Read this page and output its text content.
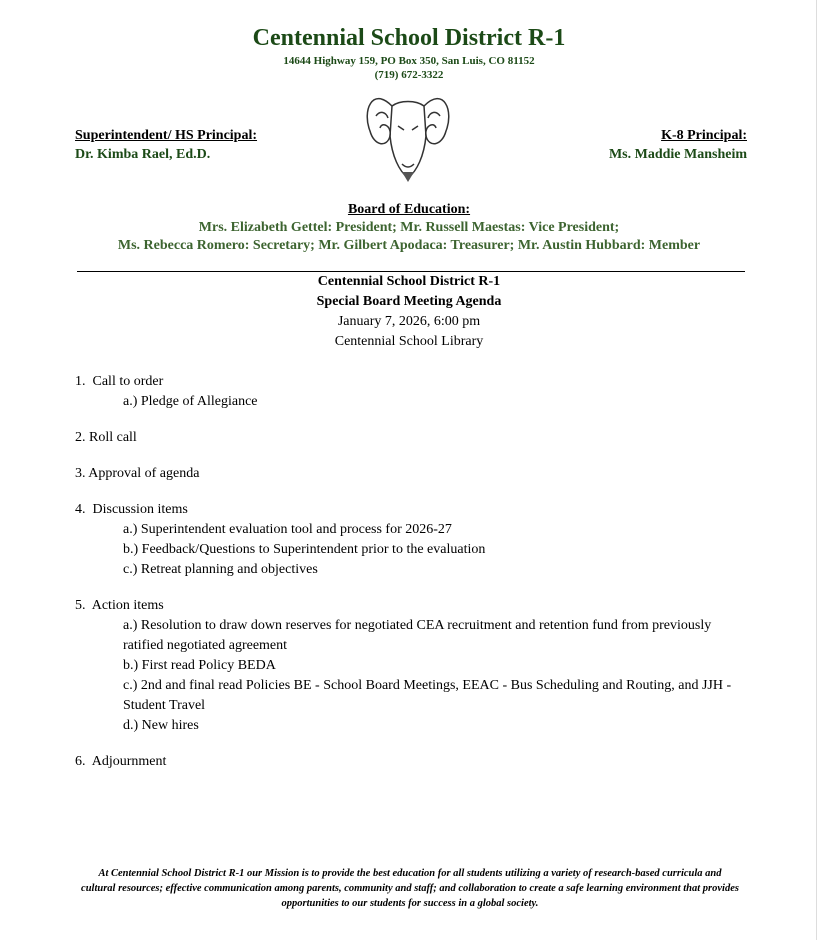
Centennial School District R-1
14644 Highway 159, PO Box 350, San Luis, CO 81152
(719) 672-3322
Superintendent/ HS Principal:
Dr. Kimba Rael, Ed.D.
K-8 Principal:
Ms. Maddie Mansheim
Board of Education:
Mrs. Elizabeth Gettel: President; Mr. Russell Maestas: Vice President;
Ms. Rebecca Romero: Secretary; Mr. Gilbert Apodaca: Treasurer; Mr. Austin Hubbard: Member
Centennial School District R-1
Special Board Meeting Agenda
January 7, 2026, 6:00 pm
Centennial School Library
1.  Call to order
a.) Pledge of Allegiance
2. Roll call
3. Approval of agenda
4.  Discussion items
a.) Superintendent evaluation tool and process for 2026-27
b.) Feedback/Questions to Superintendent prior to the evaluation
c.) Retreat planning and objectives
5.  Action items
a.) Resolution to draw down reserves for negotiated CEA recruitment and retention fund from previously ratified negotiated agreement
b.) First read Policy BEDA
c.) 2nd and final read Policies BE - School Board Meetings, EEAC - Bus Scheduling and Routing, and JJH - Student Travel
d.) New hires
6.  Adjournment
At Centennial School District R-1 our Mission is to provide the best education for all students utilizing a variety of research-based curricula and cultural resources; effective communication among parents, community and staff; and collaboration to create a safe learning environment that provides opportunities to our students for success in a global society.
